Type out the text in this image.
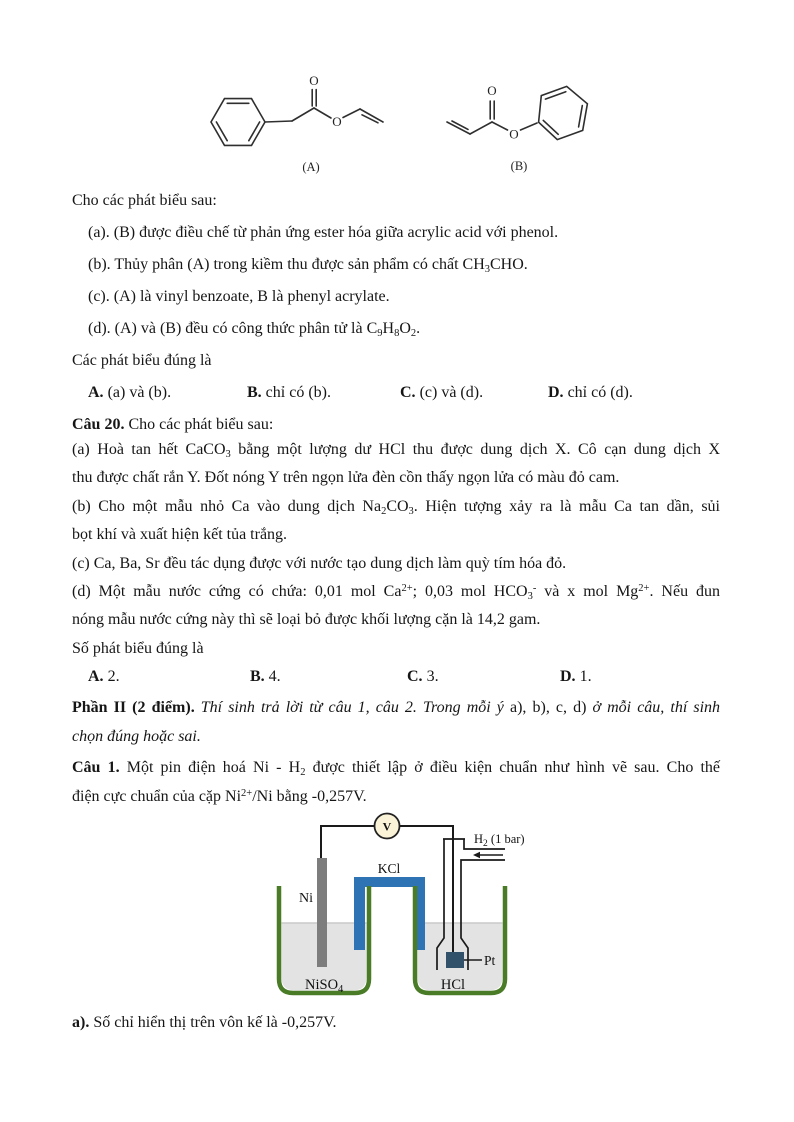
O
O
(A)
O
O
(B)
Cho các phát biểu sau:
(a). (B) được điều chế từ phản ứng ester hóa giữa acrylic acid với phenol.
(b). Thủy phân (A) trong kiềm thu được sản phẩm có chất $CH_3CHO$.
(c). (A) là vinyl benzoate, B là phenyl acrylate.
(d). (A) và (B) đều có công thức phân tử là $C_9H_8O_2$.
Các phát biểu đúng là
A. (a) và (b).	B. chỉ có (b).	C. (c) và (d).	D. chỉ có (d).
Câu 20. Cho các phát biểu sau:
(a) Hoà tan hết CaCO$_3$ bằng một lượng dư HCl thu được dung dịch X. Cô cạn dung dịch X
thu được chất rắn Y. Đốt nóng Y trên ngọn lửa đèn cồn thấy ngọn lửa có màu đỏ cam.
(b) Cho một mẫu nhỏ Ca vào dung dịch $Na_2CO_3$. Hiện tượng xảy ra là mẫu Ca tan dần, sủi
bọt khí và xuất hiện kết tủa trắng.
(c) Ca, Ba, Sr đều tác dụng được với nước tạo dung dịch làm quỳ tím hóa đỏ.
(d) Một mẫu nước cứng có chứa: 0,01 mol $Ca^{2+}$; 0,03 mol $HCO_3^-$ và x mol $Mg^{2+}$. Nếu đun
nóng mẫu nước cứng này thì sẽ loại bỏ được khối lượng cặn là 14,2 gam.
Số phát biểu đúng là
A. 2.	B. 4.	C. 3.	D. 1.
Phần II (2 điểm). Thí sinh trả lời từ câu 1, câu 2. Trong mỗi ý a), b), c, d) ở mỗi câu, thí sinh
chọn đúng hoặc sai.
Câu 1. Một pin điện hoá Ni - $H_2$ được thiết lập ở điều kiện chuẩn như hình vẽ sau. Cho thế
điện cực chuẩn của cặp $Ni^{2+}/Ni$ bằng -0,257V.
a). Số chỉ hiển thị trên vôn kế là -0,257V.
V
Ni
KCl
$H_2$ (1 bar)
Pt
NiSO$_4$	HCl
